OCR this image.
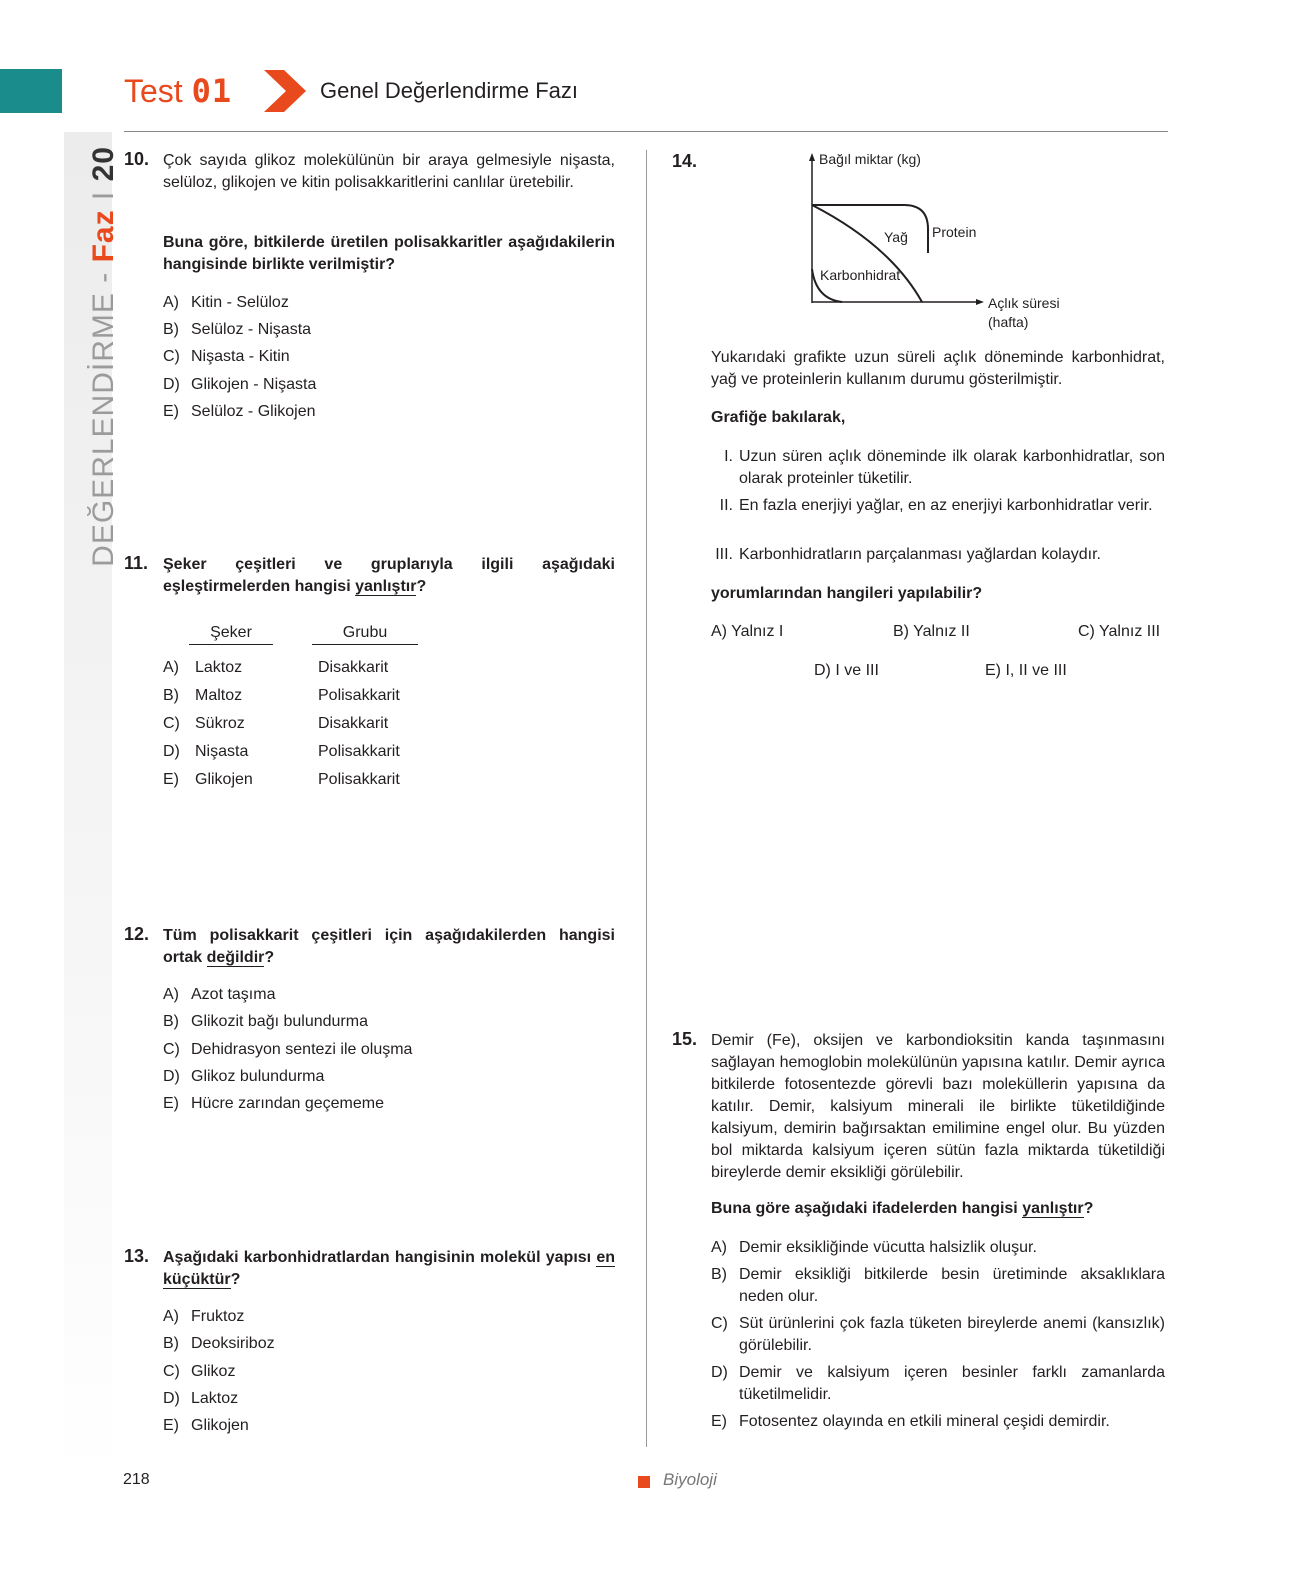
DEĞERLENDİRME - Faz I 20
Test 01	Genel Değerlendirme Fazı
10. Çok sayıda glikoz molekülünün bir araya gelmesiyle nişasta, selüloz, glikojen ve kitin polisakkaritlerini canlılar üretebilir.
Buna göre, bitkilerde üretilen polisakkaritler aşağıdakilerin hangisinde birlikte verilmiştir?
A) Kitin - Selüloz
B) Selüloz - Nişasta
C) Nişasta - Kitin
D) Glikojen - Nişasta
E) Selüloz - Glikojen
11. Şeker çeşitleri ve gruplarıyla ilgili aşağıdaki eşleştirmelerden hangisi yanlıştır?
Şeker	Grubu
A) Laktoz	Disakkarit
B) Maltoz	Polisakkarit
C) Sükroz	Disakkarit
D) Nişasta	Polisakkarit
E) Glikojen	Polisakkarit
12. Tüm polisakkarit çeşitleri için aşağıdakilerden hangisi ortak değildir?
A) Azot taşıma
B) Glikozit bağı bulundurma
C) Dehidrasyon sentezi ile oluşma
D) Glikoz bulundurma
E) Hücre zarından geçememe
13. Aşağıdaki karbonhidratlardan hangisinin molekül yapısı en küçüktür?
A) Fruktoz
B) Deoksiriboz
C) Glikoz
D) Laktoz
E) Glikojen
14.	Bağıl miktar (kg)
Açlık süresi
(hafta)
Karbonhidrat
Yağ Protein
Yukarıdaki grafikte uzun süreli açlık döneminde karbonhidrat, yağ ve proteinlerin kullanım durumu gösterilmiştir.
Grafiğe bakılarak,
I. Uzun süren açlık döneminde ilk olarak karbonhidratlar, son olarak proteinler tüketilir.
II. En fazla enerjiyi yağlar, en az enerjiyi karbonhidratlar verir.
III. Karbonhidratların parçalanması yağlardan kolaydır.
yorumlarından hangileri yapılabilir?
A) Yalnız I	B) Yalnız II	C) Yalnız III
D) I ve III	E) I, II ve III
15. Demir (Fe), oksijen ve karbondioksitin kanda taşınmasını sağlayan hemoglobin molekülünün yapısına katılır. Demir ayrıca bitkilerde fotosentezde görevli bazı moleküllerin yapısına da katılır. Demir, kalsiyum minerali ile birlikte tüketildiğinde kalsiyum, demirin bağırsaktan emilimine engel olur. Bu yüzden bol miktarda kalsiyum içeren sütün fazla miktarda tüketildiği bireylerde demir eksikliği görülebilir.
Buna göre aşağıdaki ifadelerden hangisi yanlıştır?
A) Demir eksikliğinde vücutta halsizlik oluşur.
B) Demir eksikliği bitkilerde besin üretiminde aksaklıklara neden olur.
C) Süt ürünlerini çok fazla tüketen bireylerde anemi (kansızlık) görülebilir.
D) Demir ve kalsiyum içeren besinler farklı zamanlarda tüketilmelidir.
E) Fotosentez olayında en etkili mineral çeşidi demirdir.
218	Biyoloji
